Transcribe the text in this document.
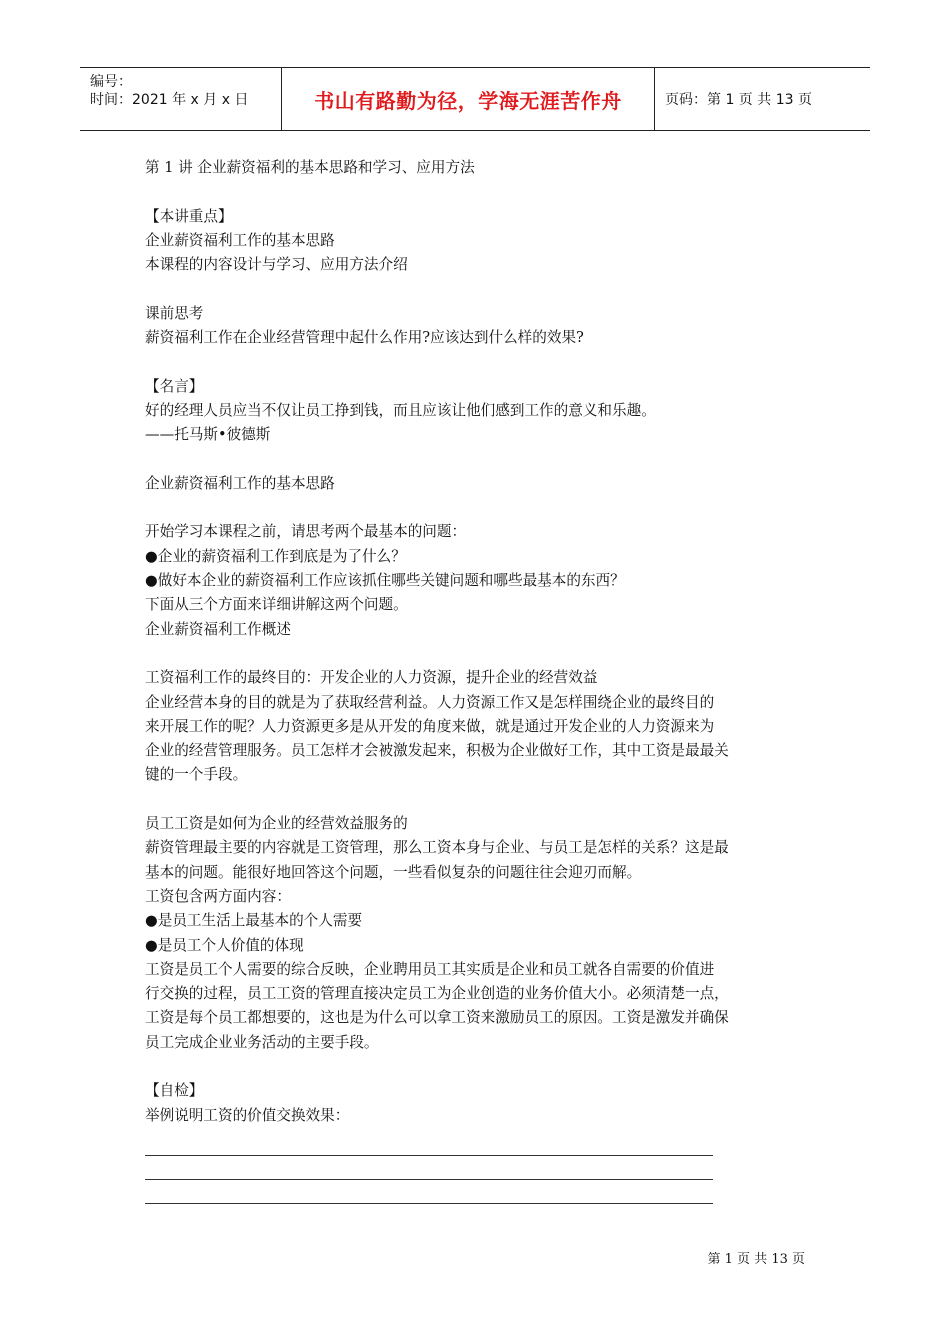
编号：
时间：2021 年 x 月 x 日	书山有路勤为径，学海无涯苦作舟	页码：第 1 页 共 13 页

第 1 讲 企业薪资福利的基本思路和学习、应用方法

【本讲重点】

企业薪资福利工作的基本思路

本课程的内容设计与学习、应用方法介绍

课前思考

薪资福利工作在企业经营管理中起什么作用?应该达到什么样的效果?

【名言】

好的经理人员应当不仅让员工挣到钱，而且应该让他们感到工作的意义和乐趣。

——托马斯•彼德斯

企业薪资福利工作的基本思路

开始学习本课程之前，请思考两个最基本的问题：

●企业的薪资福利工作到底是为了什么？

●做好本企业的薪资福利工作应该抓住哪些关键问题和哪些最基本的东西？

下面从三个方面来详细讲解这两个问题。

企业薪资福利工作概述

工资福利工作的最终目的：开发企业的人力资源，提升企业的经营效益

企业经营本身的目的就是为了获取经营利益。人力资源工作又是怎样围绕企业的最终目的

来开展工作的呢？人力资源更多是从开发的角度来做，就是通过开发企业的人力资源来为

企业的经营管理服务。员工怎样才会被激发起来，积极为企业做好工作，其中工资是最最关

键的一个手段。

员工工资是如何为企业的经营效益服务的

薪资管理最主要的内容就是工资管理，那么工资本身与企业、与员工是怎样的关系？这是最

基本的问题。能很好地回答这个问题，一些看似复杂的问题往往会迎刃而解。

工资包含两方面内容：

●是员工生活上最基本的个人需要

●是员工个人价值的体现

工资是员工个人需要的综合反映，企业聘用员工其实质是企业和员工就各自需要的价值进

行交换的过程，员工工资的管理直接决定员工为企业创造的业务价值大小。必须清楚一点，

工资是每个员工都想要的，这也是为什么可以拿工资来激励员工的原因。工资是激发并确保

员工完成企业业务活动的主要手段。

【自检】

举例说明工资的价值交换效果：

第 1 页 共 13 页
